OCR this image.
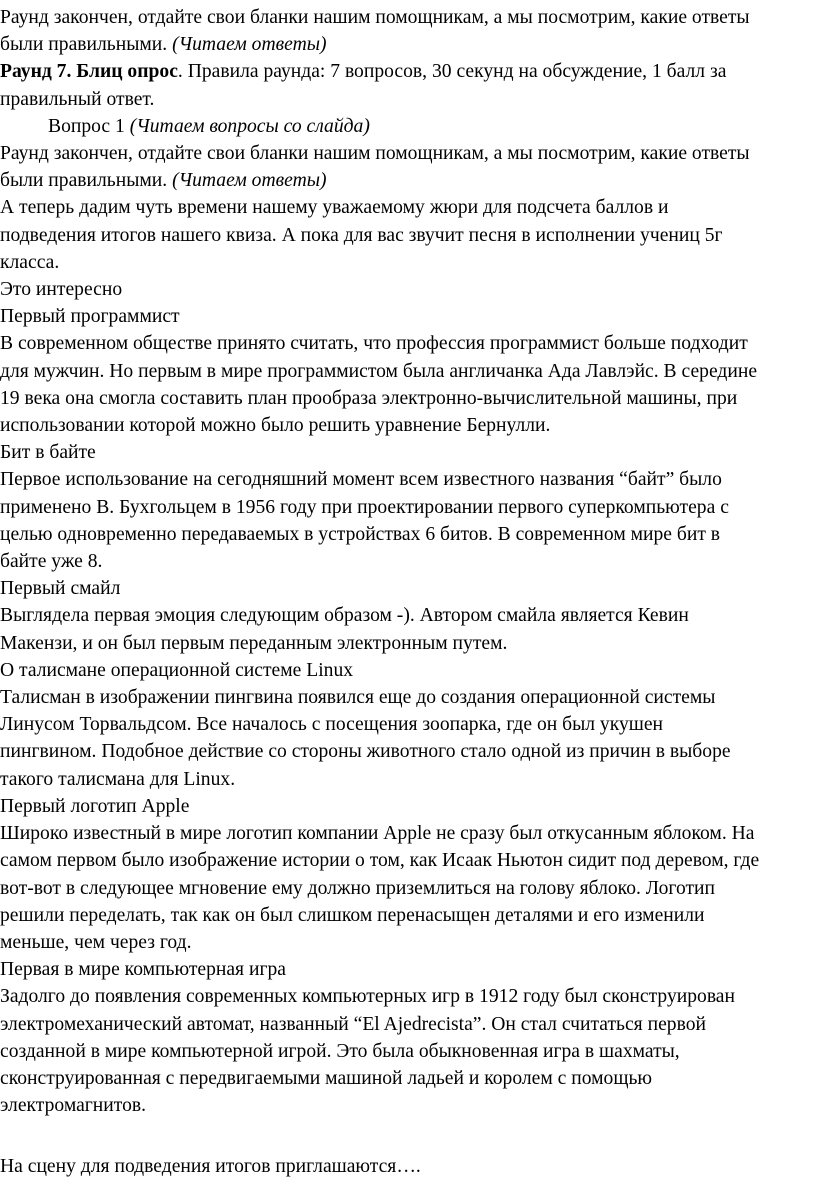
Раунд закончен, отдайте свои бланки нашим помощникам, а мы посмотрим, какие ответы
были правильными. (Читаем ответы)
Раунд 7. Блиц опрос. Правила раунда: 7 вопросов, 30 секунд на обсуждение, 1 балл за
правильный ответ.
Вопрос 1 (Читаем вопросы со слайда)
Раунд закончен, отдайте свои бланки нашим помощникам, а мы посмотрим, какие ответы
были правильными. (Читаем ответы)
А теперь дадим чуть времени нашему уважаемому жюри для подсчета баллов и
подведения итогов нашего квиза. А пока для вас звучит песня в исполнении учениц 5г
класса.
Это интересно
Первый программист
В современном обществе принято считать, что профессия программист больше подходит
для мужчин. Но первым в мире программистом была англичанка Ада Лавлэйс. В середине
19 века она смогла составить план прообраза электронно-вычислительной машины, при
использовании которой можно было решить уравнение Бернулли.
Бит в байте
Первое использование на сегодняшний момент всем известного названия “байт” было
применено В. Бухгольцем в 1956 году при проектировании первого суперкомпьютера с
целью одновременно передаваемых в устройствах 6 битов. В современном мире бит в
байте уже 8.
Первый смайл
Выглядела первая эмоция следующим образом -). Автором смайла является Кевин
Макензи, и он был первым переданным электронным путем.
О талисмане операционной системе Linux
Талисман в изображении пингвина появился еще до создания операционной системы
Линусом Торвальдсом. Все началось с посещения зоопарка, где он был укушен
пингвином. Подобное действие со стороны животного стало одной из причин в выборе
такого талисмана для Linux.
Первый логотип Apple
Широко известный в мире логотип компании Apple не сразу был откусанным яблоком. На
самом первом было изображение истории о том, как Исаак Ньютон сидит под деревом, где
вот-вот в следующее мгновение ему должно приземлиться на голову яблоко. Логотип
решили переделать, так как он был слишком перенасыщен деталями и его изменили
меньше, чем через год.
Первая в мире компьютерная игра
Задолго до появления современных компьютерных игр в 1912 году был сконструирован
электромеханический автомат, названный “El Ajedrecista”. Он стал считаться первой
созданной в мире компьютерной игрой. Это была обыкновенная игра в шахматы,
сконструированная с передвигаемыми машиной ладьей и королем с помощью
электромагнитов.
На сцену для подведения итогов приглашаются….
